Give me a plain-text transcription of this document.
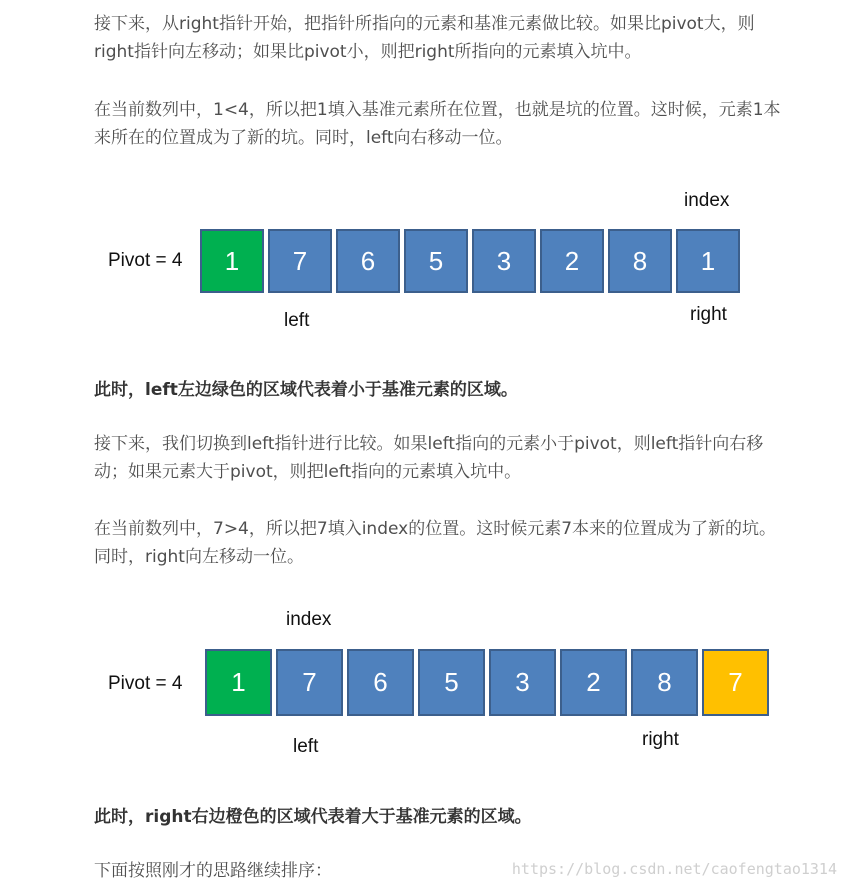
接下来，从right指针开始，把指针所指向的元素和基准元素做比较。如果比pivot大，则right指针向左移动；如果比pivot小，则把right所指向的元素填入坑中。

在当前数列中，1<4，所以把1填入基准元素所在位置，也就是坑的位置。这时候，元素1本来所在的位置成为了新的坑。同时，left向右移动一位。

Pivot = 4
index
left	right
1	7	6	5	3	2	8	1

此时，left左边绿色的区域代表着小于基准元素的区域。

接下来，我们切换到left指针进行比较。如果left指向的元素小于pivot，则left指针向右移动；如果元素大于pivot，则把left指向的元素填入坑中。

在当前数列中，7>4，所以把7填入index的位置。这时候元素7本来的位置成为了新的坑。同时，right向左移动一位。

Pivot = 4
index
left	right
1	7	6	5	3	2	8	7

此时，right右边橙色的区域代表着大于基准元素的区域。

下面按照刚才的思路继续排序：	https://blog.csdn.net/caofengtao1314
